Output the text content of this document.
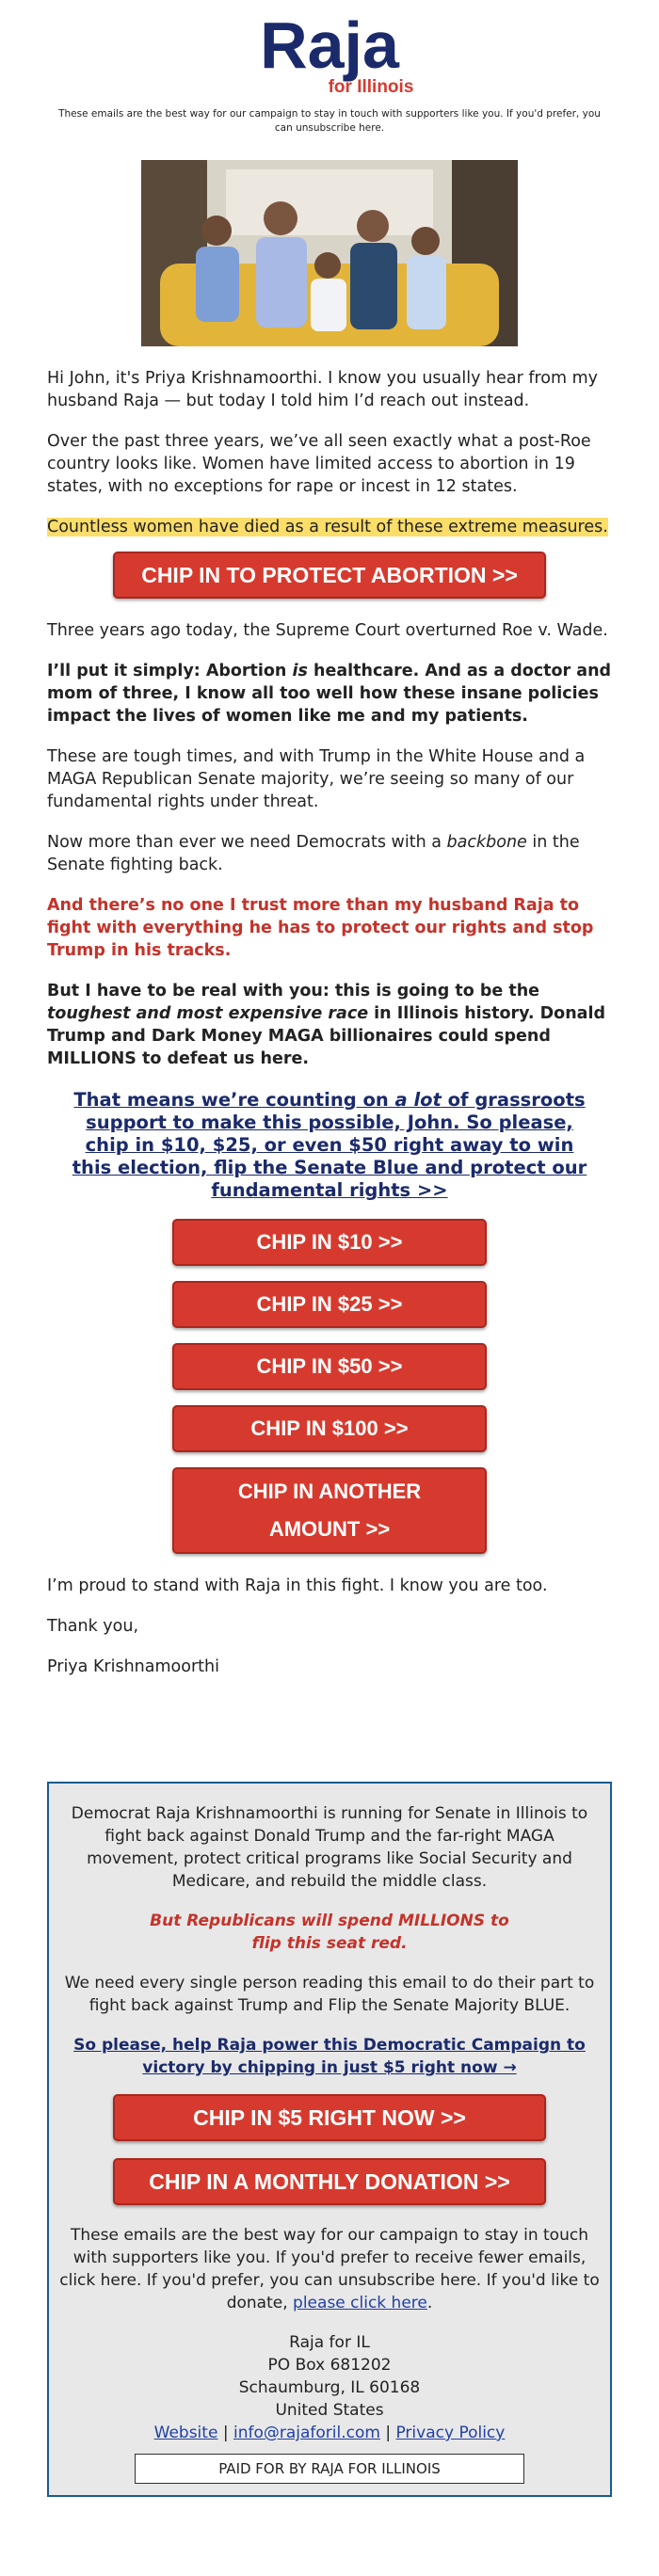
Raja
for Illinois
These emails are the best way for our campaign to stay in touch with supporters like you. If you'd prefer, you can unsubscribe here.

Hi John, it's Priya Krishnamoorthi. I know you usually hear from my husband Raja — but today I told him I’d reach out instead.

Over the past three years, we’ve all seen exactly what a post-Roe country looks like. Women have limited access to abortion in 19 states, with no exceptions for rape or incest in 12 states.

Countless women have died as a result of these extreme measures.

CHIP IN TO PROTECT ABORTION >>

Three years ago today, the Supreme Court overturned Roe v. Wade.

I’ll put it simply: Abortion is healthcare. And as a doctor and mom of three, I know all too well how these insane policies impact the lives of women like me and my patients.

These are tough times, and with Trump in the White House and a MAGA Republican Senate majority, we’re seeing so many of our fundamental rights under threat.

Now more than ever we need Democrats with a backbone in the Senate fighting back.

And there’s no one I trust more than my husband Raja to fight with everything he has to protect our rights and stop Trump in his tracks.

But I have to be real with you: this is going to be the toughest and most expensive race in Illinois history. Donald Trump and Dark Money MAGA billionaires could spend MILLIONS to defeat us here.

That means we’re counting on a lot of grassroots support to make this possible, John. So please, chip in $10, $25, or even $50 right away to win this election, flip the Senate Blue and protect our fundamental rights >>
CHIP IN $10 >>
CHIP IN $25 >>
CHIP IN $50 >>
CHIP IN $100 >>
CHIP IN ANOTHER
AMOUNT >>

I’m proud to stand with Raja in this fight. I know you are too.

Thank you,

Priya Krishnamoorthi

Democrat Raja Krishnamoorthi is running for Senate in Illinois to fight back against Donald Trump and the far-right MAGA movement, protect critical programs like Social Security and Medicare, and rebuild the middle class.

But Republicans will spend MILLIONS to flip this seat red.

We need every single person reading this email to do their part to fight back against Trump and Flip the Senate Majority BLUE.

So please, help Raja power this Democratic Campaign to victory by chipping in just $5 right now →

CHIP IN $5 RIGHT NOW >>
CHIP IN A MONTHLY DONATION >>

These emails are the best way for our campaign to stay in touch with supporters like you. If you'd prefer to receive fewer emails, click here. If you'd prefer, you can unsubscribe here. If you'd like to donate, please click here.

Raja for IL
PO Box 681202
Schaumburg, IL 60168
United States
Website | info@rajaforil.com | Privacy Policy
PAID FOR BY RAJA FOR ILLINOIS
